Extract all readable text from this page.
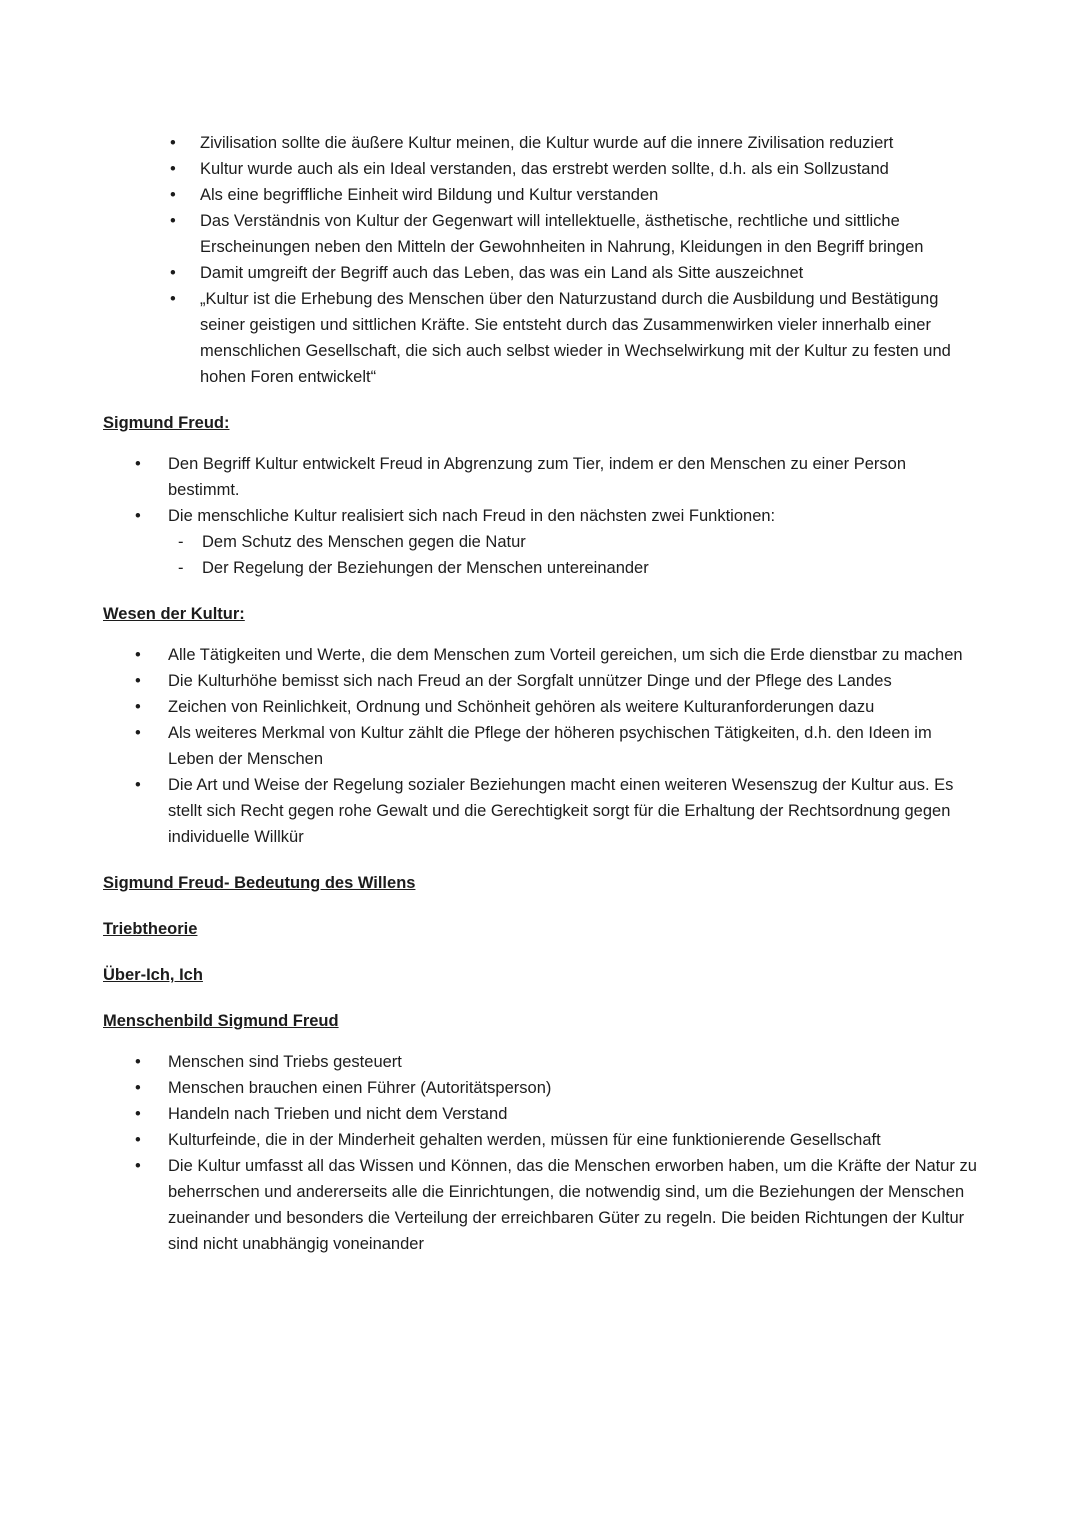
•	Zivilisation sollte die äußere Kultur meinen, die Kultur wurde auf die innere Zivilisation reduziert
•	Kultur wurde auch als ein Ideal verstanden, das erstrebt werden sollte, d.h. als ein Sollzustand
•	Als eine begriffliche Einheit wird Bildung und Kultur verstanden
•	Das Verständnis von Kultur der Gegenwart will intellektuelle, ästhetische, rechtliche und sittliche Erscheinungen neben den Mitteln der Gewohnheiten in Nahrung, Kleidungen in den Begriff bringen
•	Damit umgreift der Begriff auch das Leben, das was ein Land als Sitte auszeichnet
•	„Kultur ist die Erhebung des Menschen über den Naturzustand durch die Ausbildung und Bestätigung seiner geistigen und sittlichen Kräfte. Sie entsteht durch das Zusammenwirken vieler innerhalb einer menschlichen Gesellschaft, die sich auch selbst wieder in Wechselwirkung mit der Kultur zu festen und hohen Foren entwickelt“
Sigmund Freud:
•	Den Begriff Kultur entwickelt Freud in Abgrenzung zum Tier, indem er den Menschen zu einer Person bestimmt.
•	Die menschliche Kultur realisiert sich nach Freud in den nächsten zwei Funktionen:
-	Dem Schutz des Menschen gegen die Natur
-	Der Regelung der Beziehungen der Menschen untereinander
Wesen der Kultur:
•	Alle Tätigkeiten und Werte, die dem Menschen zum Vorteil gereichen, um sich die Erde dienstbar zu machen
•	Die Kulturhöhe bemisst sich nach Freud an der Sorgfalt unnützer Dinge und der Pflege des Landes
•	Zeichen von Reinlichkeit, Ordnung und Schönheit gehören als weitere Kulturanforderungen dazu
•	Als weiteres Merkmal von Kultur zählt die Pflege der höheren psychischen Tätigkeiten, d.h. den Ideen im Leben der Menschen
•	Die Art und Weise der Regelung sozialer Beziehungen macht einen weiteren Wesenszug der Kultur aus. Es stellt sich Recht gegen rohe Gewalt und die Gerechtigkeit sorgt für die Erhaltung der Rechtsordnung gegen individuelle Willkür
Sigmund Freud- Bedeutung des Willens
Triebtheorie
Über-Ich, Ich
Menschenbild Sigmund Freud
•	Menschen sind Triebs gesteuert
•	Menschen brauchen einen Führer (Autoritätsperson)
•	Handeln nach Trieben und nicht dem Verstand
•	Kulturfeinde, die in der Minderheit gehalten werden, müssen für eine funktionierende Gesellschaft
•	Die Kultur umfasst all das Wissen und Können, das die Menschen erworben haben, um die Kräfte der Natur zu beherrschen und andererseits alle die Einrichtungen, die notwendig sind, um die Beziehungen der Menschen zueinander und besonders die Verteilung der erreichbaren Güter zu regeln. Die beiden Richtungen der Kultur sind nicht unabhängig voneinander
